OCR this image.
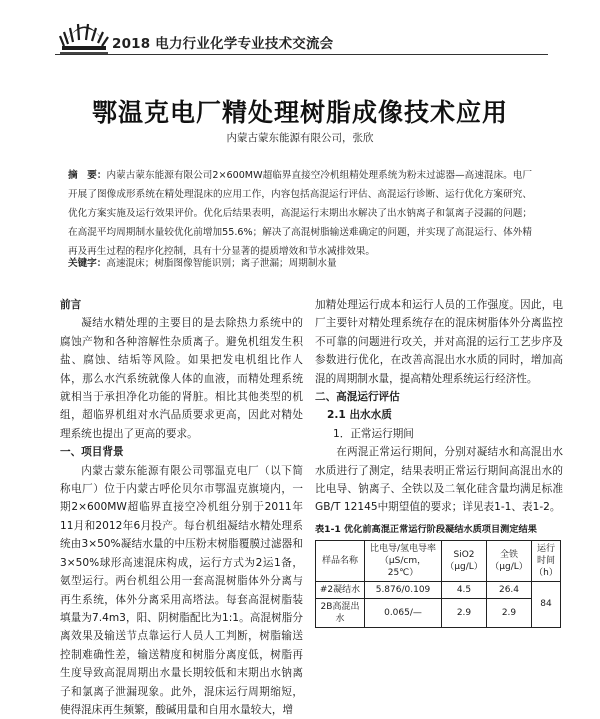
2018 电力行业化学专业技术交流会
鄂温克电厂精处理树脂成像技术应用
内蒙古蒙东能源有限公司，张欣
摘　要：内蒙古蒙东能源有限公司2×600MW超临界直接空冷机组精处理系统为粉末过滤器—高速混床。电厂开展了图像成形系统在精处理混床的应用工作，内容包括高混运行评估、高混运行诊断、运行优化方案研究、优化方案实施及运行效果评价。优化后结果表明，高混运行末期出水解决了出水钠离子和氯离子浸漏的问题；在高混平均周期制水量较优化前增加55.6%；解决了高混树脂输送难确定的问题，并实现了高混运行、体外精再及再生过程的程序化控制，具有十分显著的提质增效和节水减排效果。
关键字：高速混床；树脂图像智能识别；离子泄漏；周期制水量
前言

凝结水精处理的主要目的是去除热力系统中的腐蚀产物和各种溶解性杂质离子。避免机组发生积盐、腐蚀、结垢等风险。如果把发电机组比作人体，那么水汽系统就像人体的血液，而精处理系统就相当于承担净化功能的肾脏。相比其他类型的机组，超临界机组对水汽品质要求更高，因此对精处理系统也提出了更高的要求。

一、项目背景

内蒙古蒙东能源有限公司鄂温克电厂（以下简称电厂）位于内蒙古呼伦贝尔市鄂温克旗境内，一期2×600MW超临界直接空冷机组分别于2011年11月和2012年6月投产。每台机组凝结水精处理系统由3×50%凝结水量的中压粉末树脂覆膜过滤器和3×50%球形高速混床构成，运行方式为2运1备，氨型运行。两台机组公用一套高混树脂体外分离与再生系统，体外分离采用高塔法。每套高混树脂装填量为7.4m3，阳、阴树脂配比为1:1。高混树脂分离效果及输送节点靠运行人员人工判断，树脂输送控制难确性差，输送精度和树脂分离度低，树脂再生度导致高混周期出水量长期较低和末期出水钠离子和氯离子泄漏现象。此外，混床运行周期缩短，使得混床再生频繁，酸碱用量和自用水量较大，增

加精处理运行成本和运行人员的工作强度。因此，电厂主要针对精处理系统存在的混床树脂体外分离监控不可靠的问题进行攻关，并对高混的运行工艺步序及参数进行优化，在改善高混出水水质的同时，增加高混的周期制水量，提高精处理系统运行经济性。
二、高混运行评估
2.1 出水水质
1．正常运行期间

在两混正常运行期间，分别对凝结水和高混出水水质进行了测定，结果表明正常运行期间高混出水的比电导、钠离子、全铁以及二氧化硅含量均满足标准GB/T 12145中期望值的要求；详见表1-1、表1-2。

表1-1 优化前高混正常运行阶段凝结水质项目测定结果
样品名称	比电导/氢电导率（μS/cm，25℃）	SiO2（μg/L）	全铁（μg/L）	运行时间（h）
#2凝结水	5.876/0.109	4.5	26.4	84
2B高混出水	0.065/—	2.9	2.9	
